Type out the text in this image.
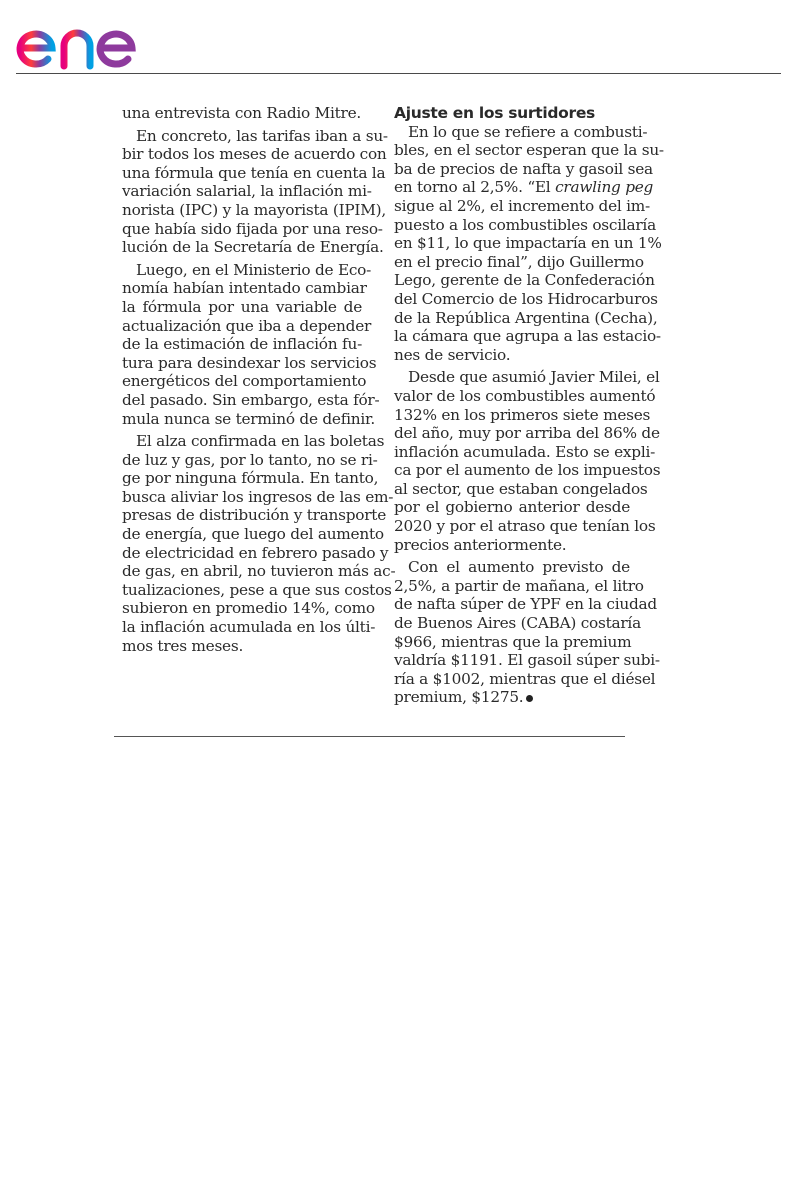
una entrevista con Radio Mitre.
En concreto, las tarifas iban a su-
bir todos los meses de acuerdo con
una fórmula que tenía en cuenta la
variación salarial, la inflación mi-
norista (IPC) y la mayorista (IPIM),
que había sido fijada por una reso-
lución de la Secretaría de Energía.
Luego, en el Ministerio de Eco-
nomía habían intentado cambiar
la fórmula por una variable de
actualización que iba a depender
de la estimación de inflación fu-
tura para desindexar los servicios
energéticos del comportamiento
del pasado. Sin embargo, esta fór-
mula nunca se terminó de definir.
El alza confirmada en las boletas
de luz y gas, por lo tanto, no se ri-
ge por ninguna fórmula. En tanto,
busca aliviar los ingresos de las em-
presas de distribución y transporte
de energía, que luego del aumento
de electricidad en febrero pasado y
de gas, en abril, no tuvieron más ac-
tualizaciones, pese a que sus costos
subieron en promedio 14%, como
la inflación acumulada en los últi-
mos tres meses.
Ajuste en los surtidores
En lo que se refiere a combusti-
bles, en el sector esperan que la su-
ba de precios de nafta y gasoil sea
en torno al 2,5%. “El crawling peg
sigue al 2%, el incremento del im-
puesto a los combustibles oscilaría
en $11, lo que impactaría en un 1%
en el precio final”, dijo Guillermo
Lego, gerente de la Confederación
del Comercio de los Hidrocarburos
de la República Argentina (Cecha),
la cámara que agrupa a las estacio-
nes de servicio.
Desde que asumió Javier Milei, el
valor de los combustibles aumentó
132% en los primeros siete meses
del año, muy por arriba del 86% de
inflación acumulada. Esto se expli-
ca por el aumento de los impuestos
al sector, que estaban congelados
por el gobierno anterior desde
2020 y por el atraso que tenían los
precios anteriormente.
Con el aumento previsto de
2,5%, a partir de mañana, el litro
de nafta súper de YPF en la ciudad
de Buenos Aires (CABA) costaría
$966, mientras que la premium
valdría $1191. El gasoil súper subi-
ría a $1002, mientras que el diésel
premium, $1275.
